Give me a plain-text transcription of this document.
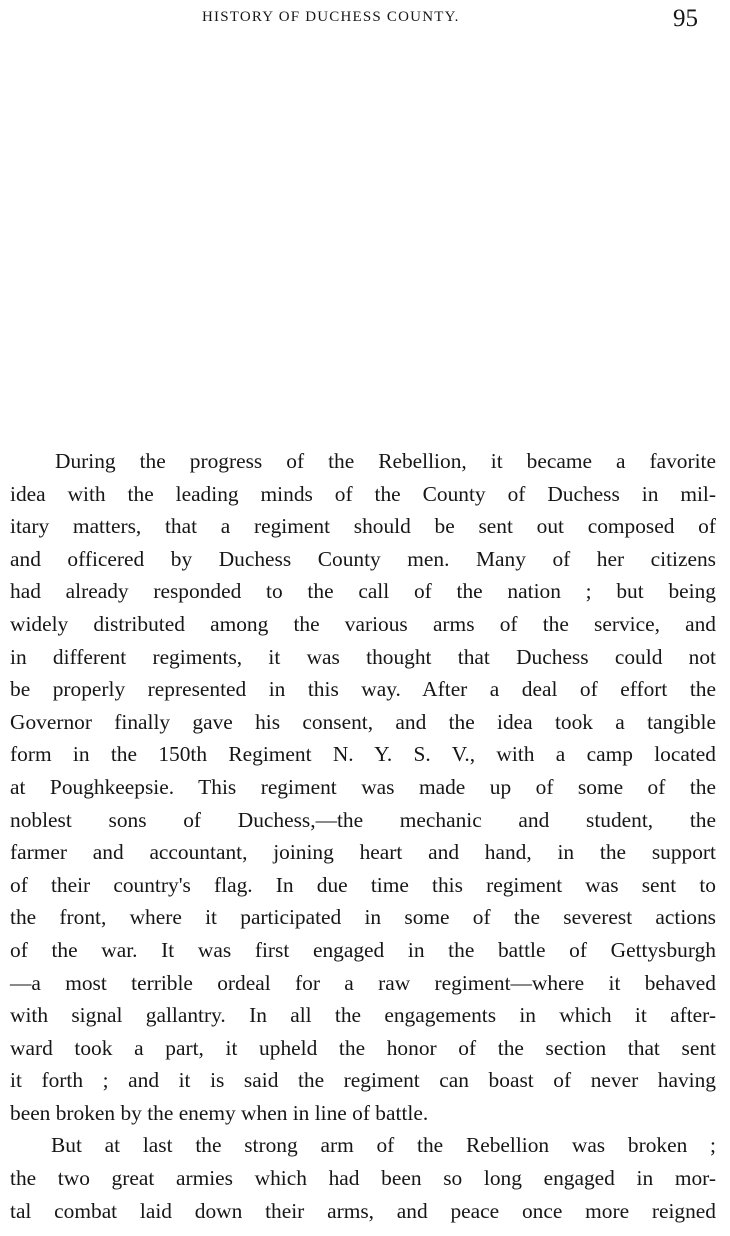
HISTORY OF DUCHESS COUNTY.	95
During the progress of the Rebellion, it became a favorite
idea with the leading minds of the County of Duchess in mil-
itary matters, that a regiment should be sent out composed of
and officered by Duchess County men. Many of her citizens
had already responded to the call of the nation ; but being
widely distributed among the various arms of the service, and
in different regiments, it was thought that Duchess could not
be properly represented in this way. After a deal of effort the
Governor finally gave his consent, and the idea took a tangible
form in the 150th Regiment N. Y. S. V., with a camp located
at Poughkeepsie. This regiment was made up of some of the
noblest sons of Duchess,—the mechanic and student, the
farmer and accountant, joining heart and hand, in the support
of their country's flag. In due time this regiment was sent to
the front, where it participated in some of the severest actions
of the war. It was first engaged in the battle of Gettysburgh
—a most terrible ordeal for a raw regiment—where it behaved
with signal gallantry. In all the engagements in which it after-
ward took a part, it upheld the honor of the section that sent
it forth ; and it is said the regiment can boast of never having
been broken by the enemy when in line of battle.
But at last the strong arm of the Rebellion was broken ;
the two great armies which had been so long engaged in mor-
tal combat laid down their arms, and peace once more reigned
